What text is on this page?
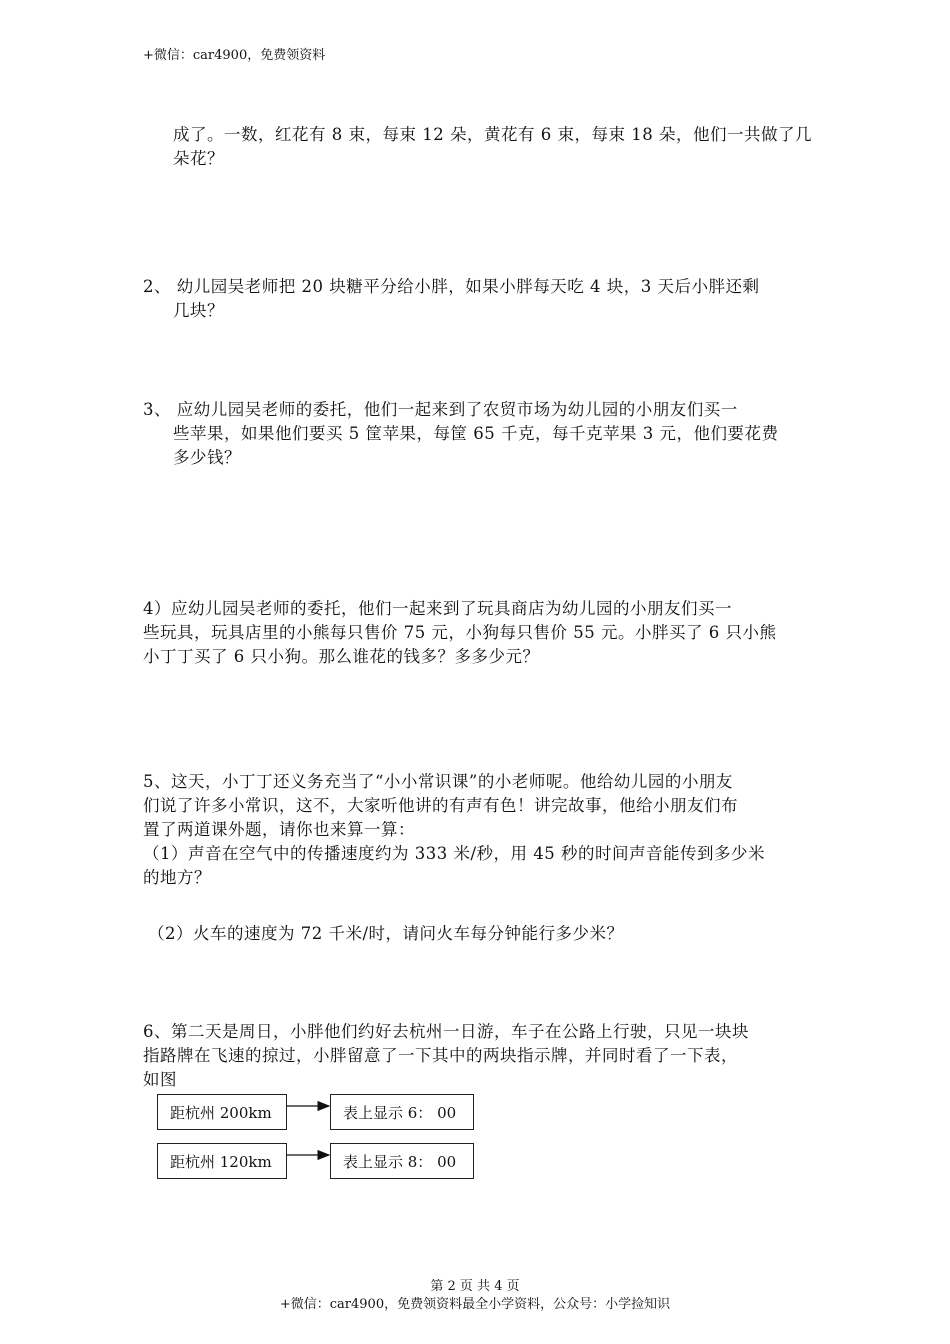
+微信：car4900，免费领资料
成了。一数，红花有 8 束，每束 12 朵，黄花有 6 束，每束 18 朵，他们一共做了几
朵花？
2、 幼儿园吴老师把 20 块糖平分给小胖，如果小胖每天吃 4 块，3 天后小胖还剩
几块？
3、 应幼儿园吴老师的委托，他们一起来到了农贸市场为幼儿园的小朋友们买一
些苹果，如果他们要买 5 筐苹果，每筐 65 千克，每千克苹果 3 元，他们要花费
多少钱？
4）应幼儿园吴老师的委托，他们一起来到了玩具商店为幼儿园的小朋友们买一
些玩具，玩具店里的小熊每只售价 75 元，小狗每只售价 55 元。小胖买了 6 只小熊
小丁丁买了 6 只小狗。那么谁花的钱多？多多少元？
5、这天，小丁丁还义务充当了“小小常识课”的小老师呢。他给幼儿园的小朋友
们说了许多小常识，这不，大家听他讲的有声有色！讲完故事，他给小朋友们布
置了两道课外题，请你也来算一算：
（1）声音在空气中的传播速度约为 333 米/秒，用 45 秒的时间声音能传到多少米
的地方？
（2）火车的速度为 72 千米/时，请问火车每分钟能行多少米？
6、第二天是周日，小胖他们约好去杭州一日游，车子在公路上行驶，只见一块块
指路牌在飞速的掠过，小胖留意了一下其中的两块指示牌，并同时看了一下表，
如图
距杭州 200km	表上显示 6： 00
距杭州 120km	表上显示 8： 00
第 2 页 共 4 页
+微信：car4900，免费领资料最全小学资料，公众号：小学捡知识
